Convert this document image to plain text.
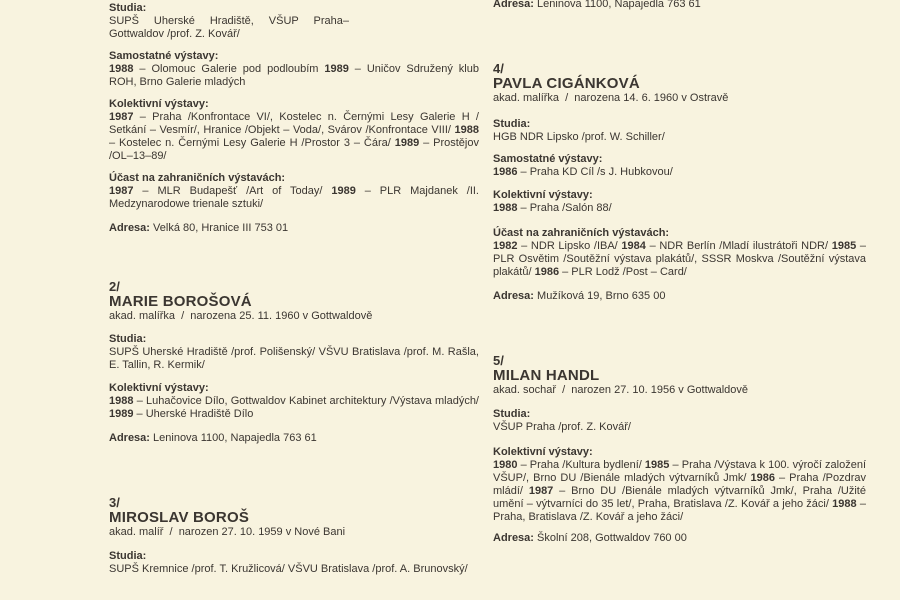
Studia:
SUPŠ Uherské Hradiště, VŠUP Praha–Gottwaldov /prof. Z. Kovář/
Samostatné výstavy:
1988 – Olomouc Galerie pod podloubím 1989 – Uničov Sdružený klub ROH, Brno Galerie mladých
Kolektivní výstavy:
1987 – Praha /Konfrontace VI/, Kostelec n. Černými Lesy Galerie H / Setkání – Vesmír/, Hranice /Objekt – Voda/, Svárov /Konfrontace VIII/ 1988 – Kostelec n. Černými Lesy Galerie H /Prostor 3 – Čára/ 1989 – Prostějov /OL–13–89/
Účast na zahraničních výstavách:
1987 – MLR Budapešť /Art of Today/ 1989 – PLR Majdanek /II. Medzynarodowe trienale sztuki/
Adresa: Velká 80, Hranice III 753 01
2/
MARIE BOROŠOVÁ
akad. malířka  /  narozena 25. 11. 1960 v Gottwaldově
Studia:
SUPŠ Uherské Hradiště /prof. Polišenský/ VŠVU Bratislava /prof. M. Rašla, E. Tallin, R. Kermik/
Kolektivní výstavy:
1988 – Luhačovice Dílo, Gottwaldov Kabinet architektury /Výstava mladých/ 1989 – Uherské Hradiště Dílo
Adresa: Leninova 1100, Napajedla 763 61
3/
MIROSLAV BOROŠ
akad. malíř  /  narozen 27. 10. 1959 v Nové Bani
Studia:
SUPŠ Kremnice /prof. T. Kružlicová/ VŠVU Bratislava /prof. A. Brunovský/
Adresa: Leninova 1100, Napajedla 763 61
4/
PAVLA CIGÁNKOVÁ
akad. malířka  /  narozena 14. 6. 1960 v Ostravě
Studia:
HGB NDR Lipsko /prof. W. Schiller/
Samostatné výstavy:
1986 – Praha KD Cíl /s J. Hubkovou/
Kolektivní výstavy:
1988 – Praha /Salón 88/
Účast na zahraničních výstavách:
1982 – NDR Lipsko /IBA/ 1984 – NDR Berlín /Mladí ilustrátoři NDR/ 1985 – PLR Osvětim /Soutěžní výstava plakátů/, SSSR Moskva /Soutěžní výstava plakátů/ 1986 – PLR Lodž /Post – Card/
Adresa: Mužíková 19, Brno 635 00
5/
MILAN HANDL
akad. sochař  /  narozen 27. 10. 1956 v Gottwaldově
Studia:
VŠUP Praha /prof. Z. Kovář/
Kolektivní výstavy:
1980 – Praha /Kultura bydlení/ 1985 – Praha /Výstava k 100. výročí založení VŠUP/, Brno DU /Bienále mladých výtvarníků Jmk/ 1986 – Praha /Pozdrav mládí/ 1987 – Brno DU /Bienále mladých výtvarníků Jmk/, Praha /Užité umění – výtvarníci do 35 let/, Praha, Bratislava /Z. Kovář a jeho žáci/ 1988 – Praha, Bratislava /Z. Kovář a jeho žáci/
Adresa: Školní 208, Gottwaldov 760 00
